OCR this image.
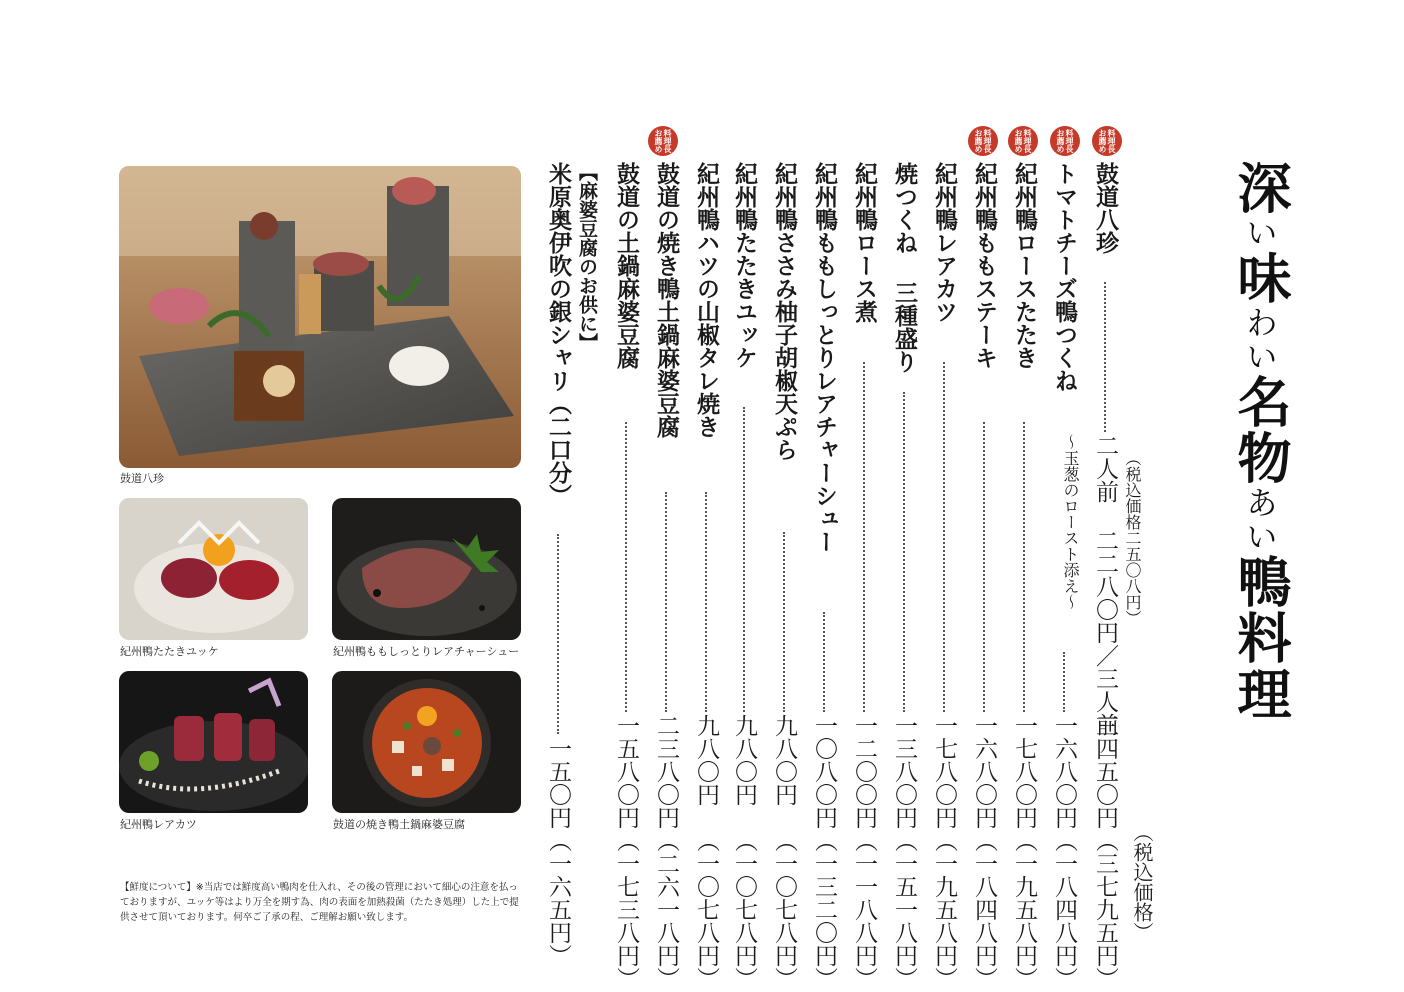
深い味わい名物あい鴨料理
（税込価格）
料理長お薦め
料理長お薦め
料理長お薦め
料理長お薦め
料理長お薦め
鼓道八珍
二人前 二二八〇円／三人前
三四五〇円
（三七九五円）
（税込価格二五〇八円）
トマトチーズ鴨つくね
～玉葱のロースト添え～
一六八〇円
（一八四八円）
紀州鴨ロースたたき
一七八〇円
（一九五八円）
紀州鴨ももステーキ
一六八〇円
（一八四八円）
紀州鴨レアカツ
一七八〇円
（一九五八円）
焼つくね 三種盛り
一三八〇円
（一五一八円）
紀州鴨ロース煮
一二〇〇円
（一一八八円）
紀州鴨ももしっとりレアチャーシュー
一〇八〇円
（一三二〇円）
紀州鴨ささみ柚子胡椒天ぷら
九八〇円
（一〇七八円）
紀州鴨たたきユッケ
九八〇円
（一〇七八円）
紀州鴨ハツの山椒タレ焼き
九八〇円
（一〇七八円）
鼓道の焼き鴨土鍋麻婆豆腐
二三八〇円
（二六一八円）
鼓道の土鍋麻婆豆腐
一五八〇円
（一七三八円）
【麻婆豆腐のお供に】
米原奥伊吹の銀シャリ（二口分）
一五〇円
（一六五円）
鼓道八珍
紀州鴨たたきユッケ	紀州鴨ももしっとりレアチャーシュー
紀州鴨レアカツ	鼓道の焼き鴨土鍋麻婆豆腐
【鮮度について】※当店では鮮度高い鴨肉を仕入れ、その後の管理において細心の注意を払っておりますが、ユッケ等はより万全を期す為、肉の表面を加熱殺菌（たたき処理）した上で提供させて頂いております。何卒ご了承の程、ご理解お願い致します。
